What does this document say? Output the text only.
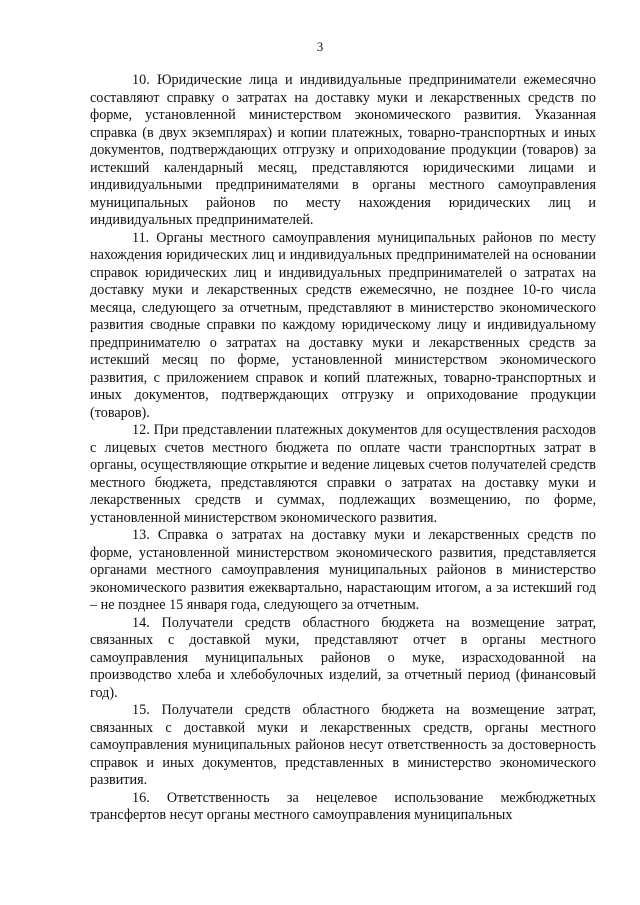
3

10. Юридические лица и индивидуальные предприниматели ежемесячно составляют справку о затратах на доставку муки и лекарственных средств по форме, установленной министерством экономического развития. Указанная справка (в двух экземплярах) и копии платежных, товарно-транспортных и иных документов, подтверждающих отгрузку и оприходование продукции (товаров) за истекший календарный месяц, представляются юридическими лицами и индивидуальными предпринимателями в органы местного самоуправления муниципальных районов по месту нахождения юридических лиц и индивидуальных предпринимателей.

11. Органы местного самоуправления муниципальных районов по месту нахождения юридических лиц и индивидуальных предпринимателей на основании справок юридических лиц и индивидуальных предпринимателей о затратах на доставку муки и лекарственных средств ежемесячно, не позднее 10-го числа месяца, следующего за отчетным, представляют в министерство экономического развития сводные справки по каждому юридическому лицу и индивидуальному предпринимателю о затратах на доставку муки и лекарственных средств за истекший месяц по форме, установленной министерством экономического развития, с приложением справок и копий платежных, товарно-транспортных и иных документов, подтверждающих отгрузку и оприходование продукции (товаров).

12. При представлении платежных документов для осуществления расходов с лицевых счетов местного бюджета по оплате части транспортных затрат в органы, осуществляющие открытие и ведение лицевых счетов получателей средств местного бюджета, представляются справки о затратах на доставку муки и лекарственных средств и суммах, подлежащих возмещению, по форме, установленной министерством экономического развития.

13. Справка о затратах на доставку муки и лекарственных средств по форме, установленной министерством экономического развития, представляется органами местного самоуправления муниципальных районов в министерство экономического развития ежеквартально, нарастающим итогом, а за истекший год – не позднее 15 января года, следующего за отчетным.

14. Получатели средств областного бюджета на возмещение затрат, связанных с доставкой муки, представляют отчет в органы местного самоуправления муниципальных районов о муке, израсходованной на производство хлеба и хлебобулочных изделий, за отчетный период (финансовый год).

15. Получатели средств областного бюджета на возмещение затрат, связанных с доставкой муки и лекарственных средств, органы местного самоуправления муниципальных районов несут ответственность за достоверность справок и иных документов, представленных в министерство экономического развития.

16. Ответственность за нецелевое использование межбюджетных трансфертов несут органы местного самоуправления муниципальных
